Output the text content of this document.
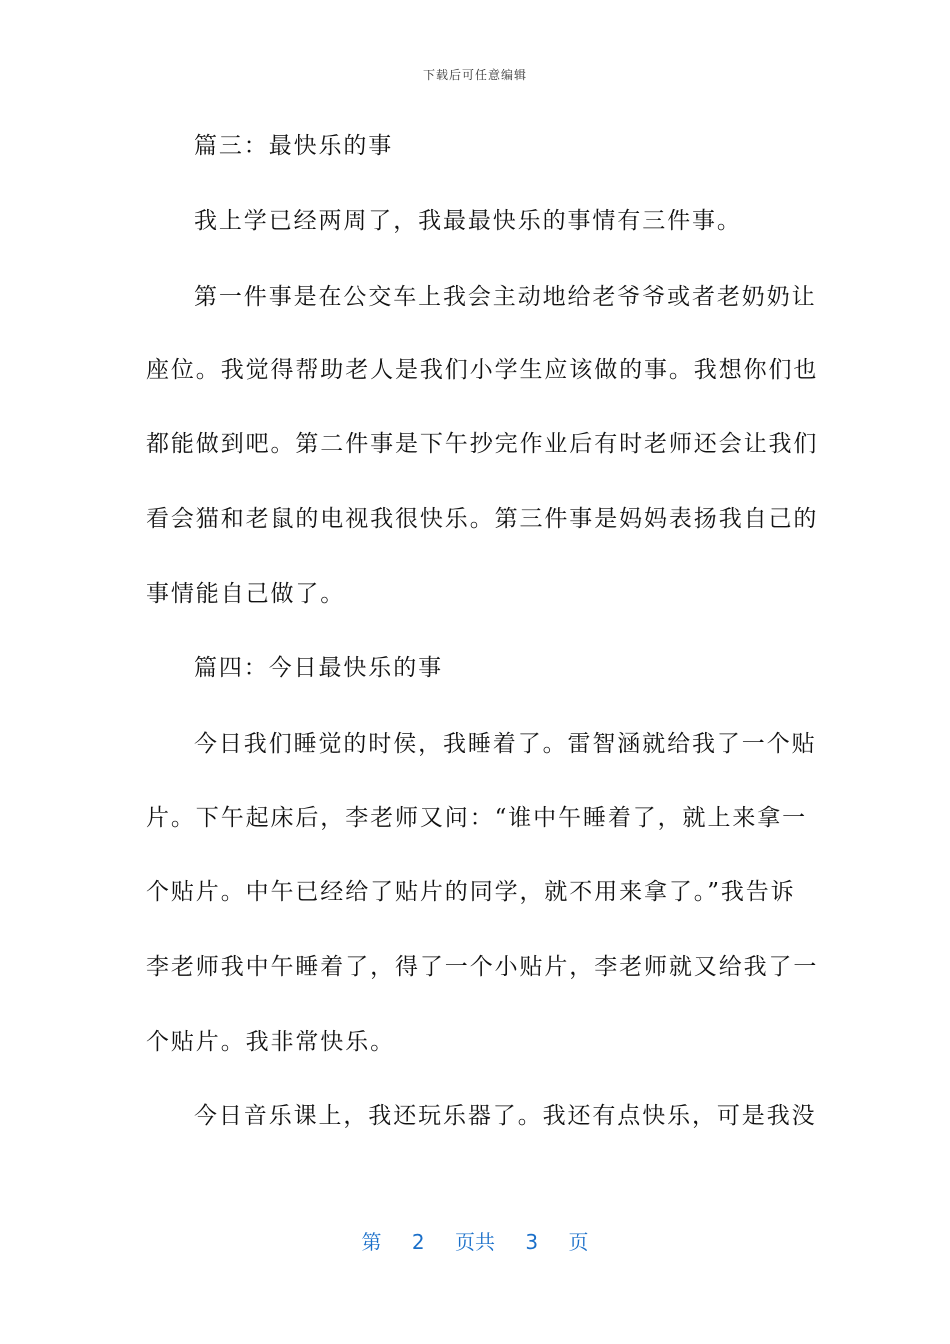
下载后可任意编辑
篇三：最快乐的事
我上学已经两周了，我最最快乐的事情有三件事。
第一件事是在公交车上我会主动地给老爷爷或者老奶奶让
座位。我觉得帮助老人是我们小学生应该做的事。我想你们也
都能做到吧。第二件事是下午抄完作业后有时老师还会让我们
看会猫和老鼠的电视我很快乐。第三件事是妈妈表扬我自己的
事情能自己做了。
篇四：今日最快乐的事
今日我们睡觉的时侯，我睡着了。雷智涵就给我了一个贴
片。下午起床后，李老师又问：“谁中午睡着了，就上来拿一
个贴片。中午已经给了贴片的同学，就不用来拿了。”我告诉
李老师我中午睡着了，得了一个小贴片，李老师就又给我了一
个贴片。我非常快乐。
今日音乐课上，我还玩乐器了。我还有点快乐，可是我没
第 2 页共 3 页
